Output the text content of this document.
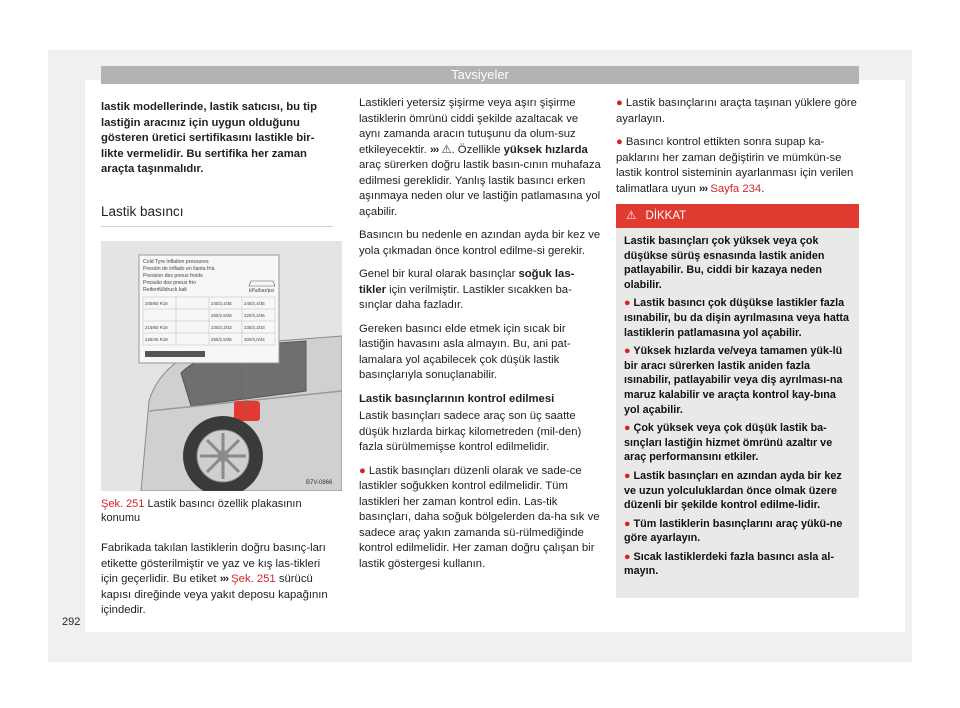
Tavsiyeler

lastik modellerinde, lastik satıcısı, bu tip lastiğin aracınız için uygun olduğunu gösteren üretici sertifikasını lastikle bir-likte vermelidir. Bu sertifika her zaman araçta taşınmalıdır.

Lastik basıncı
Cold Tyre inflation pressures
Presión de inflado en llanta fría
Pression des pneus froids
Pressão dos pneus frio
Reifenfülldruck kalt	kPa/bar/psi
205/60 R16	240/2,4/35	240/2,4/35
260/2,6/38	320/3,2/46
215/60 R16	230/2,3/33	230/2,3/33
225/45 R18	250/2,5/36	300/3,0/44
B7V-0866
Şek. 251 Lastik basıncı özellik plakasının konumu
Fabrikada takılan lastiklerin doğru basınç-ları etikette gösterilmiştir ve yaz ve kış las-tikleri için geçerlidir. Bu etiket ››› Şek. 251 sürücü kapısı direğinde veya yakıt deposu kapağının içindedir.

Lastikleri yetersiz şişirme veya aşırı şişirme lastiklerin ömrünü ciddi şekilde azaltacak ve aynı zamanda aracın tutuşunu da olum-suz etkileyecektir. ››› ⚠. Özellikle yüksek hızlarda araç sürerken doğru lastik basın-cının muhafaza edilmesi gereklidir. Yanlış lastik basıncı erken aşınmaya neden olur ve lastiğin patlamasına yol açabilir.

Basıncın bu nedenle en azından ayda bir kez ve yola çıkmadan önce kontrol edilme-si gerekir.

Genel bir kural olarak basınçlar soğuk las-tikler için verilmiştir. Lastikler sıcakken ba-sınçlar daha fazladır.

Gereken basıncı elde etmek için sıcak bir lastiğin havasını asla almayın. Bu, ani pat-lamalara yol açabilecek çok düşük lastik basınçlarıyla sonuçlanabilir.

Lastik basınçlarının kontrol edilmesi

Lastik basınçları sadece araç son üç saatte düşük hızlarda birkaç kilometreden (mil-den) fazla sürülmemişse kontrol edilmelidir.

● Lastik basınçları düzenli olarak ve sade-ce lastikler soğukken kontrol edilmelidir. Tüm lastikleri her zaman kontrol edin. Las-tik basınçları, daha soğuk bölgelerden da-ha sık ve sadece araç yakın zamanda sü-rülmediğinde kontrol edilmelidir. Her zaman doğru çalışan bir lastik göstergesi kullanın.

● Lastik basınçlarını araçta taşınan yüklere göre ayarlayın.

● Basıncı kontrol ettikten sonra supap ka-paklarını her zaman değiştirin ve mümkün-se lastik kontrol sisteminin ayarlanması için verilen talimatlara uyun ››› Sayfa 234.

⚠ DİKKAT

Lastik basınçları çok yüksek veya çok düşükse sürüş esnasında lastik aniden patlayabilir. Bu, ciddi bir kazaya neden olabilir.

● Lastik basıncı çok düşükse lastikler fazla ısınabilir, bu da dişin ayrılmasına veya hatta lastiklerin patlamasına yol açabilir.

● Yüksek hızlarda ve/veya tamamen yük-lü bir aracı sürerken lastik aniden fazla ısınabilir, patlayabilir veya diş ayrılması-na maruz kalabilir ve araçta kontrol kay-bına yol açabilir.

● Çok yüksek veya çok düşük lastik ba-sınçları lastiğin hizmet ömrünü azaltır ve araç performansını etkiler.

● Lastik basınçları en azından ayda bir kez ve uzun yolculuklardan önce olmak üzere düzenli bir şekilde kontrol edilme-lidir.

● Tüm lastiklerin basınçlarını araç yükü-ne göre ayarlayın.

● Sıcak lastiklerdeki fazla basıncı asla al-mayın.

292
